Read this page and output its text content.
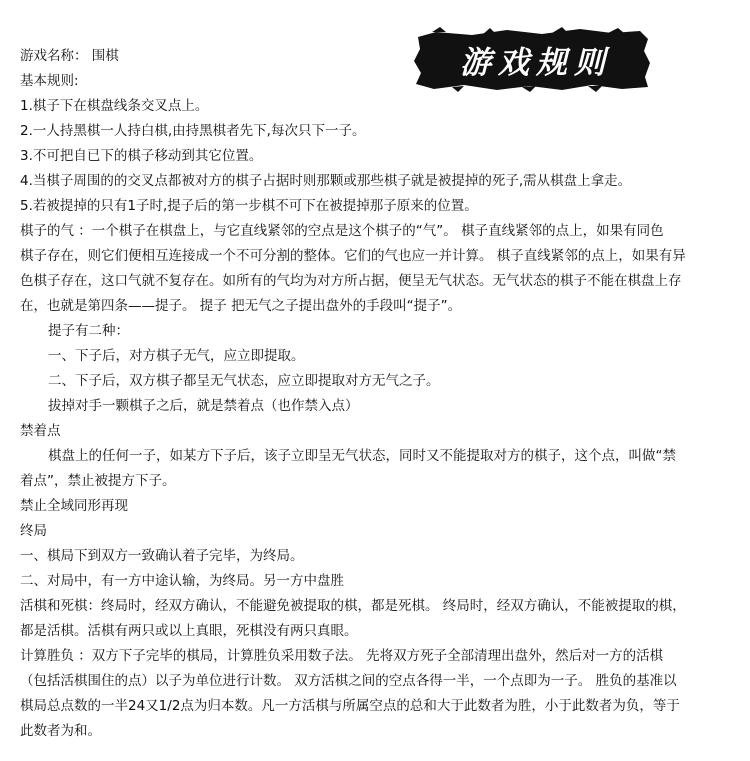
游戏规则
游戏名称： 围棋
基本规则:
1.棋子下在棋盘线条交叉点上。
2.一人持黑棋一人持白棋,由持黑棋者先下,每次只下一子。
3.不可把自已下的棋子移动到其它位置。
4.当棋子周围的的交叉点都被对方的棋子占据时则那颗或那些棋子就是被提掉的死子,需从棋盘上拿走。
5.若被提掉的只有1子时,提子后的第一步棋不可下在被提掉那子原来的位置。
棋子的气 ：一个棋子在棋盘上，与它直线紧邻的空点是这个棋子的“气”。 棋子直线紧邻的点上，如果有同色
棋子存在，则它们便相互连接成一个不可分割的整体。它们的气也应一并计算。 棋子直线紧邻的点上，如果有异
色棋子存在，这口气就不复存在。如所有的气均为对方所占据，便呈无气状态。无气状态的棋子不能在棋盘上存
在，也就是第四条——提子。 提子 把无气之子提出盘外的手段叫“提子”。
提子有二种：
一、下子后，对方棋子无气，应立即提取。
二、下子后，双方棋子都呈无气状态，应立即提取对方无气之子。
拔掉对手一颗棋子之后，就是禁着点（也作禁入点）
禁着点
棋盘上的任何一子，如某方下子后，该子立即呈无气状态，同时又不能提取对方的棋子，这个点，叫做“禁
着点”，禁止被提方下子。
禁止全域同形再现
终局
一、棋局下到双方一致确认着子完毕，为终局。
二、对局中，有一方中途认输，为终局。另一方中盘胜
活棋和死棋：终局时，经双方确认，不能避免被提取的棋，都是死棋。 终局时，经双方确认，不能被提取的棋，
都是活棋。活棋有两只或以上真眼，死棋没有两只真眼。
计算胜负 ：双方下子完毕的棋局，计算胜负采用数子法。 先将双方死子全部清理出盘外，然后对一方的活棋
（包括活棋围住的点）以子为单位进行计数。 双方活棋之间的空点各得一半，一个点即为一子。 胜负的基准以
棋局总点数的一半24又1/2点为归本数。凡一方活棋与所属空点的总和大于此数者为胜，小于此数者为负，等于
此数者为和。
